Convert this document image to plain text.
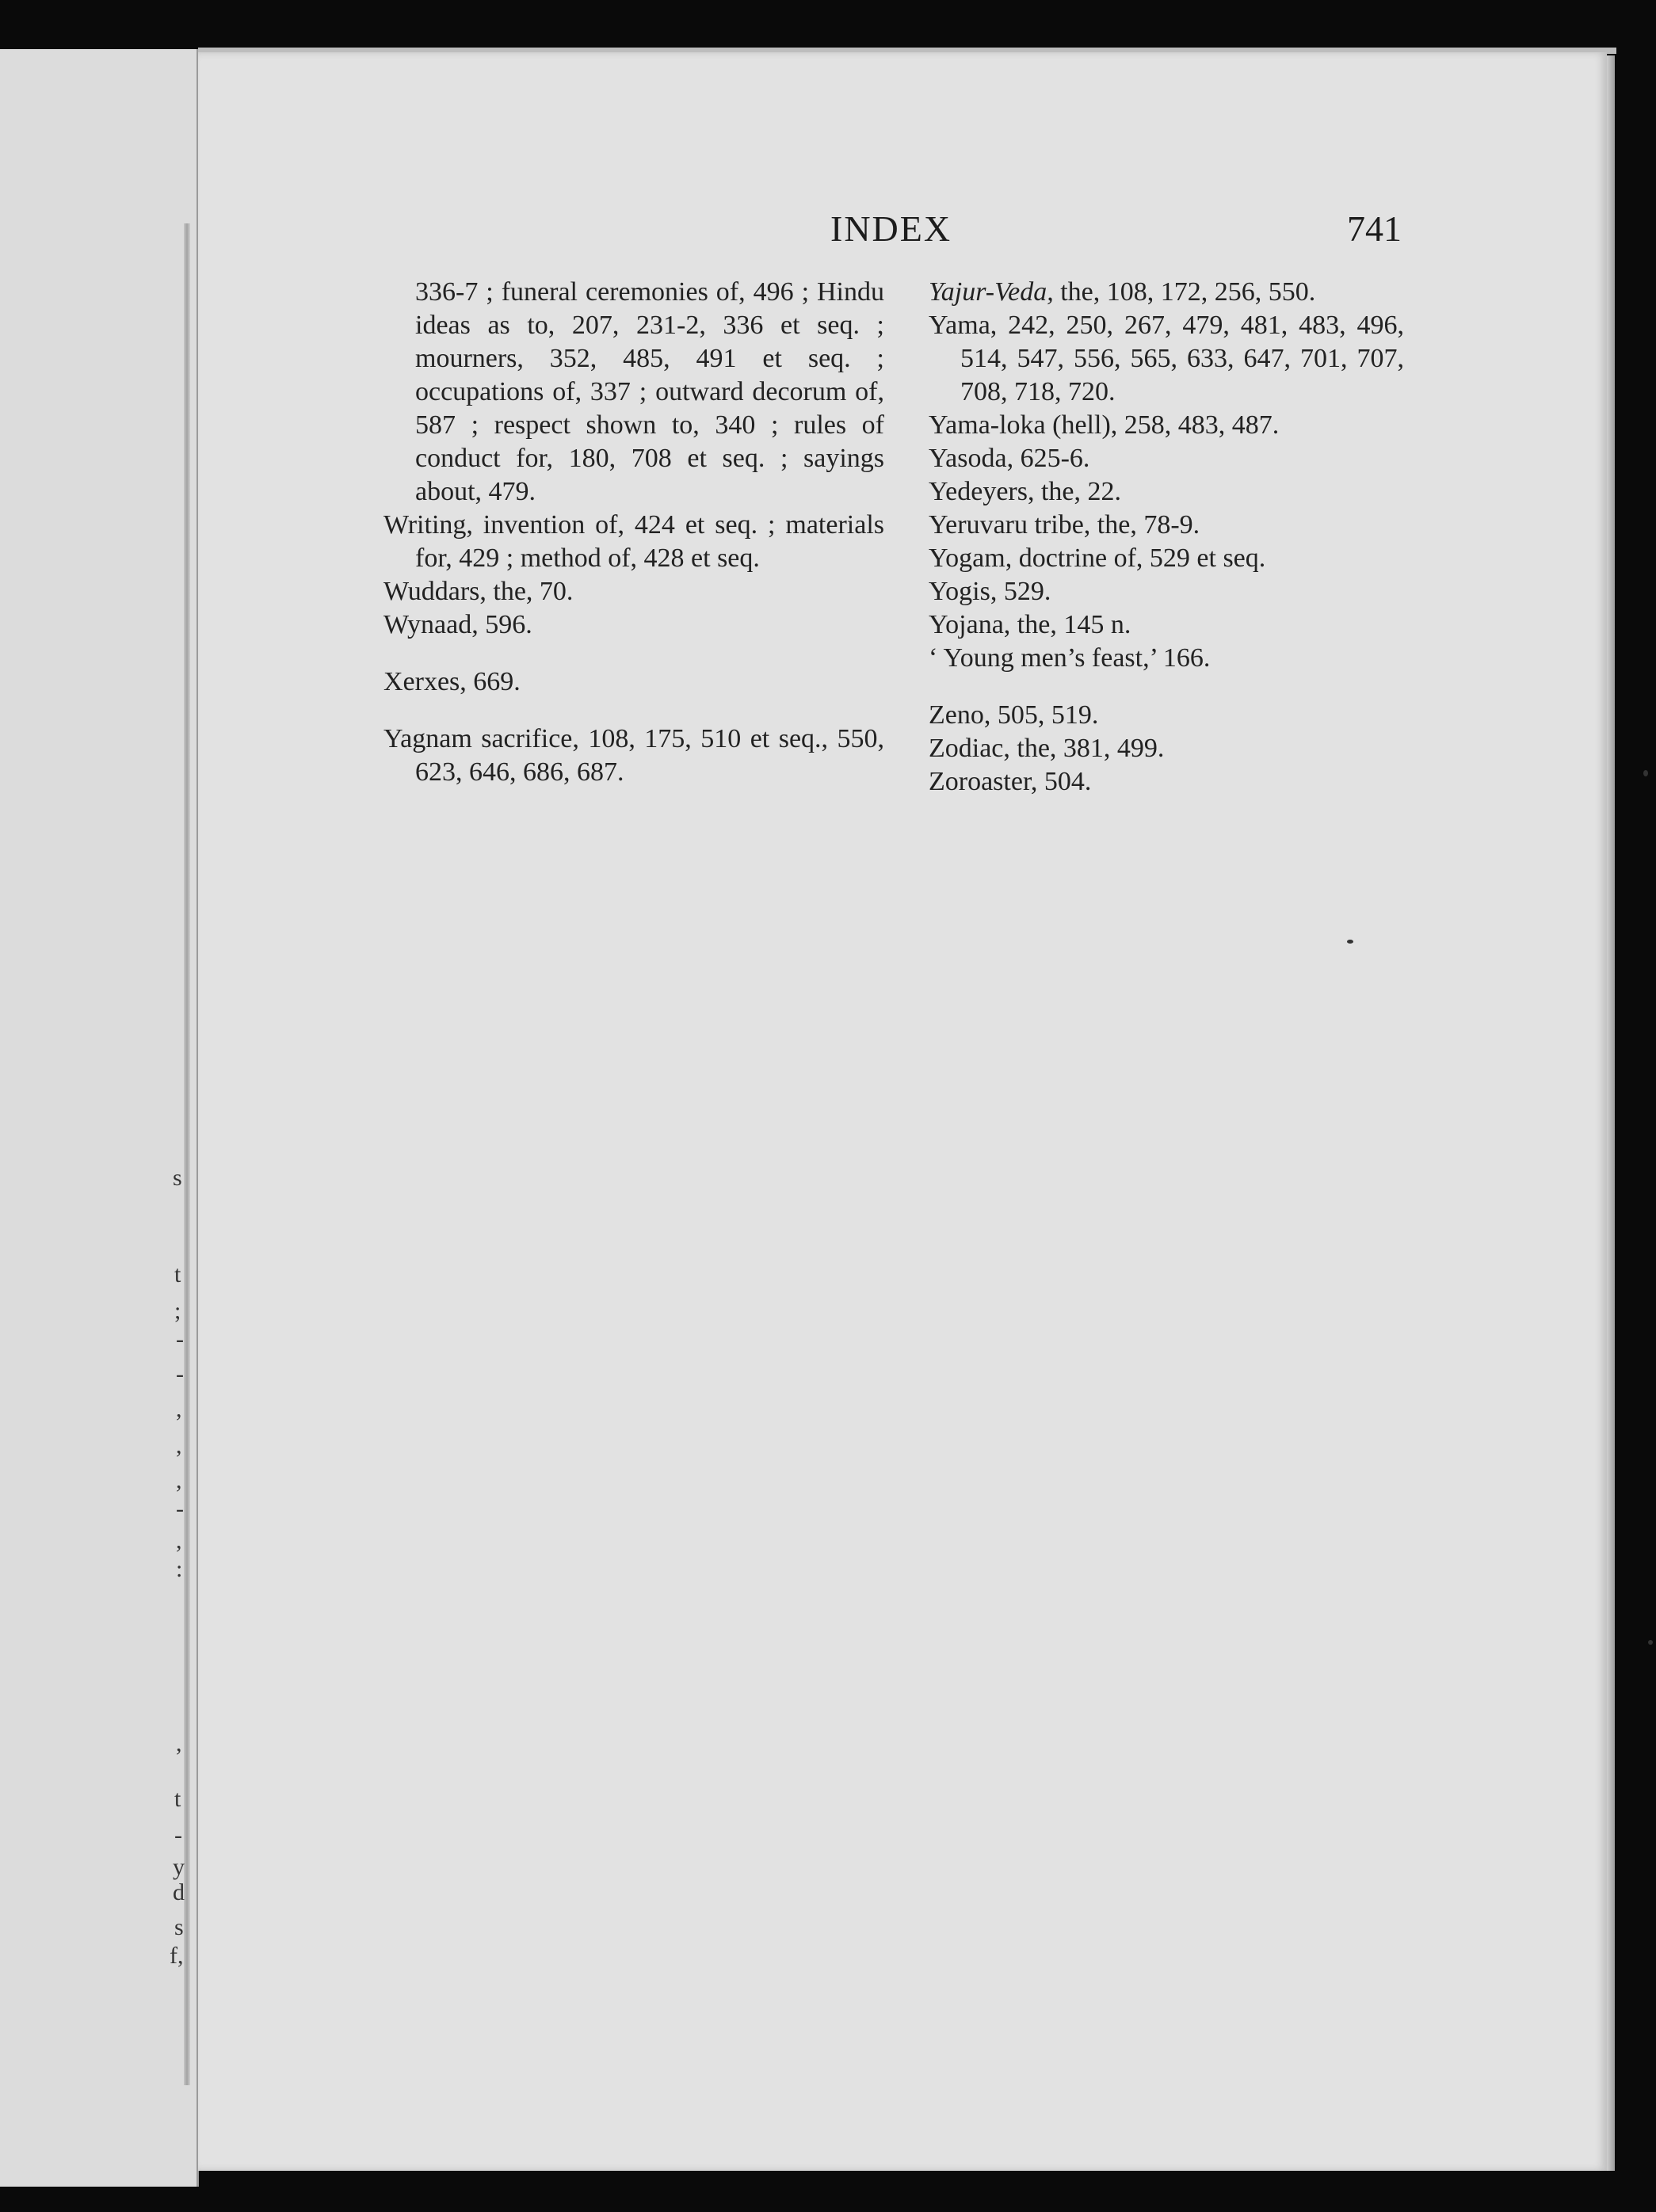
s
t
;
-
-
,
,
,
-
,
:
,
t
-
y
d
s
f,
INDEX	741

336-7 ; funeral ceremonies of, 496 ; Hindu ideas as to, 207, 231-2, 336 et seq. ; mourners, 352, 485, 491 et seq. ; occupations of, 337 ; outward decorum of, 587 ; respect shown to, 340 ; rules of conduct for, 180, 708 et seq. ; sayings about, 479.

Writing, invention of, 424 et seq. ; materials for, 429 ; method of, 428 et seq.

Wuddars, the, 70.

Wynaad, 596.

Xerxes, 669.

Yagnam sacrifice, 108, 175, 510 et seq., 550, 623, 646, 686, 687.

Yajur-Veda, the, 108, 172, 256, 550.

Yama, 242, 250, 267, 479, 481, 483, 496, 514, 547, 556, 565, 633, 647, 701, 707, 708, 718, 720.

Yama-loka (hell), 258, 483, 487.

Yasoda, 625-6.

Yedeyers, the, 22.

Yeruvaru tribe, the, 78-9.

Yogam, doctrine of, 529 et seq.

Yogis, 529.

Yojana, the, 145 n.

‘ Young men’s feast,’ 166.

Zeno, 505, 519.

Zodiac, the, 381, 499.

Zoroaster, 504.
